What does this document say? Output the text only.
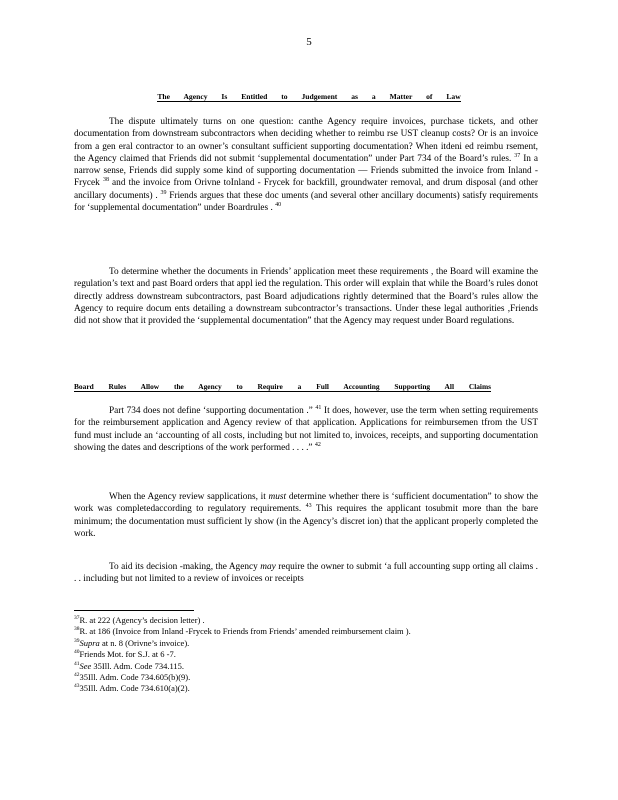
5
The Agency Is Entitled to Judgement as a Matter of Law

The dispute ultimately turns on one question: canthe Agency require invoices, purchase tickets, and other documentation from downstream subcontractors when deciding whether to reimbu rse UST cleanup costs? Or is an invoice from a gen eral contractor to an owner’s consultant sufficient supporting documentation? When itdeni ed reimbu rsement, the Agency claimed that Friends did not submit ‘supplemental documentation” under Part 734 of the Board’s rules. $^{37}$ In a narrow sense, Friends did supply some kind of supporting documentation — Friends submitted the invoice from Inland - Frycek $^{38}$ and the invoice from Orivne toInland - Frycek for backfill, groundwater removal, and drum disposal (and other ancillary documents) . $^{39}$ Friends argues that these doc uments (and several other ancillary documents) satisfy requirements for ‘supplemental documentation” under Boardrules . $^{40}$

To determine whether the documents in Friends’ application meet these requirements , the Board will examine the regulation’s text and past Board orders that appl ied the regulation. This order will explain that while the Board’s rules donot directly address downstream subcontractors, past Board adjudications rightly determined that the Board’s rules allow the Agency to require docum ents detailing a downstream subcontractor’s transactions. Under these legal authorities ,Friends did not show that it provided the ‘supplemental documentation” that the Agency may request under Board regulations.

Board Rules Allow the Agency to Require a Full Accounting Supporting All Claims

Part 734 does not define ‘supporting documentation .” $^{41}$ It does, however, use the term when setting requirements for the reimbursement application and Agency review of that application. Applications for reimbursemen tfrom the UST fund must include an ‘accounting of all costs, including but not limited to, invoices, receipts, and supporting documentation showing the dates and descriptions of the work performed . . . .” $^{42}$

When the Agency review sapplications, it must determine whether there is ‘sufficient documentation” to show the work was completedaccording to regulatory requirements. $^{43}$ This requires the applicant tosubmit more than the bare minimum; the documentation must sufficient ly show (in the Agency’s discret ion) that the applicant properly completed the work.

To aid its decision -making, the Agency may require the owner to submit ‘a full accounting supp orting all claims . . . including but not limited to a review of invoices or receipts

$^{37}$R. at 222 (Agency’s decision letter) .

$^{38}$R. at 186 (Invoice from Inland -Frycek to Friends from Friends’ amended reimbursement claim ).

$^{39}$Supra at n. 8 (Orivne’s invoice).

$^{40}$Friends Mot. for S.J. at 6 -7.

$^{41}$See 35Ill. Adm. Code 734.115.

$^{42}$35Ill. Adm. Code 734.605(b)(9).

$^{43}$35Ill. Adm. Code 734.610(a)(2).
